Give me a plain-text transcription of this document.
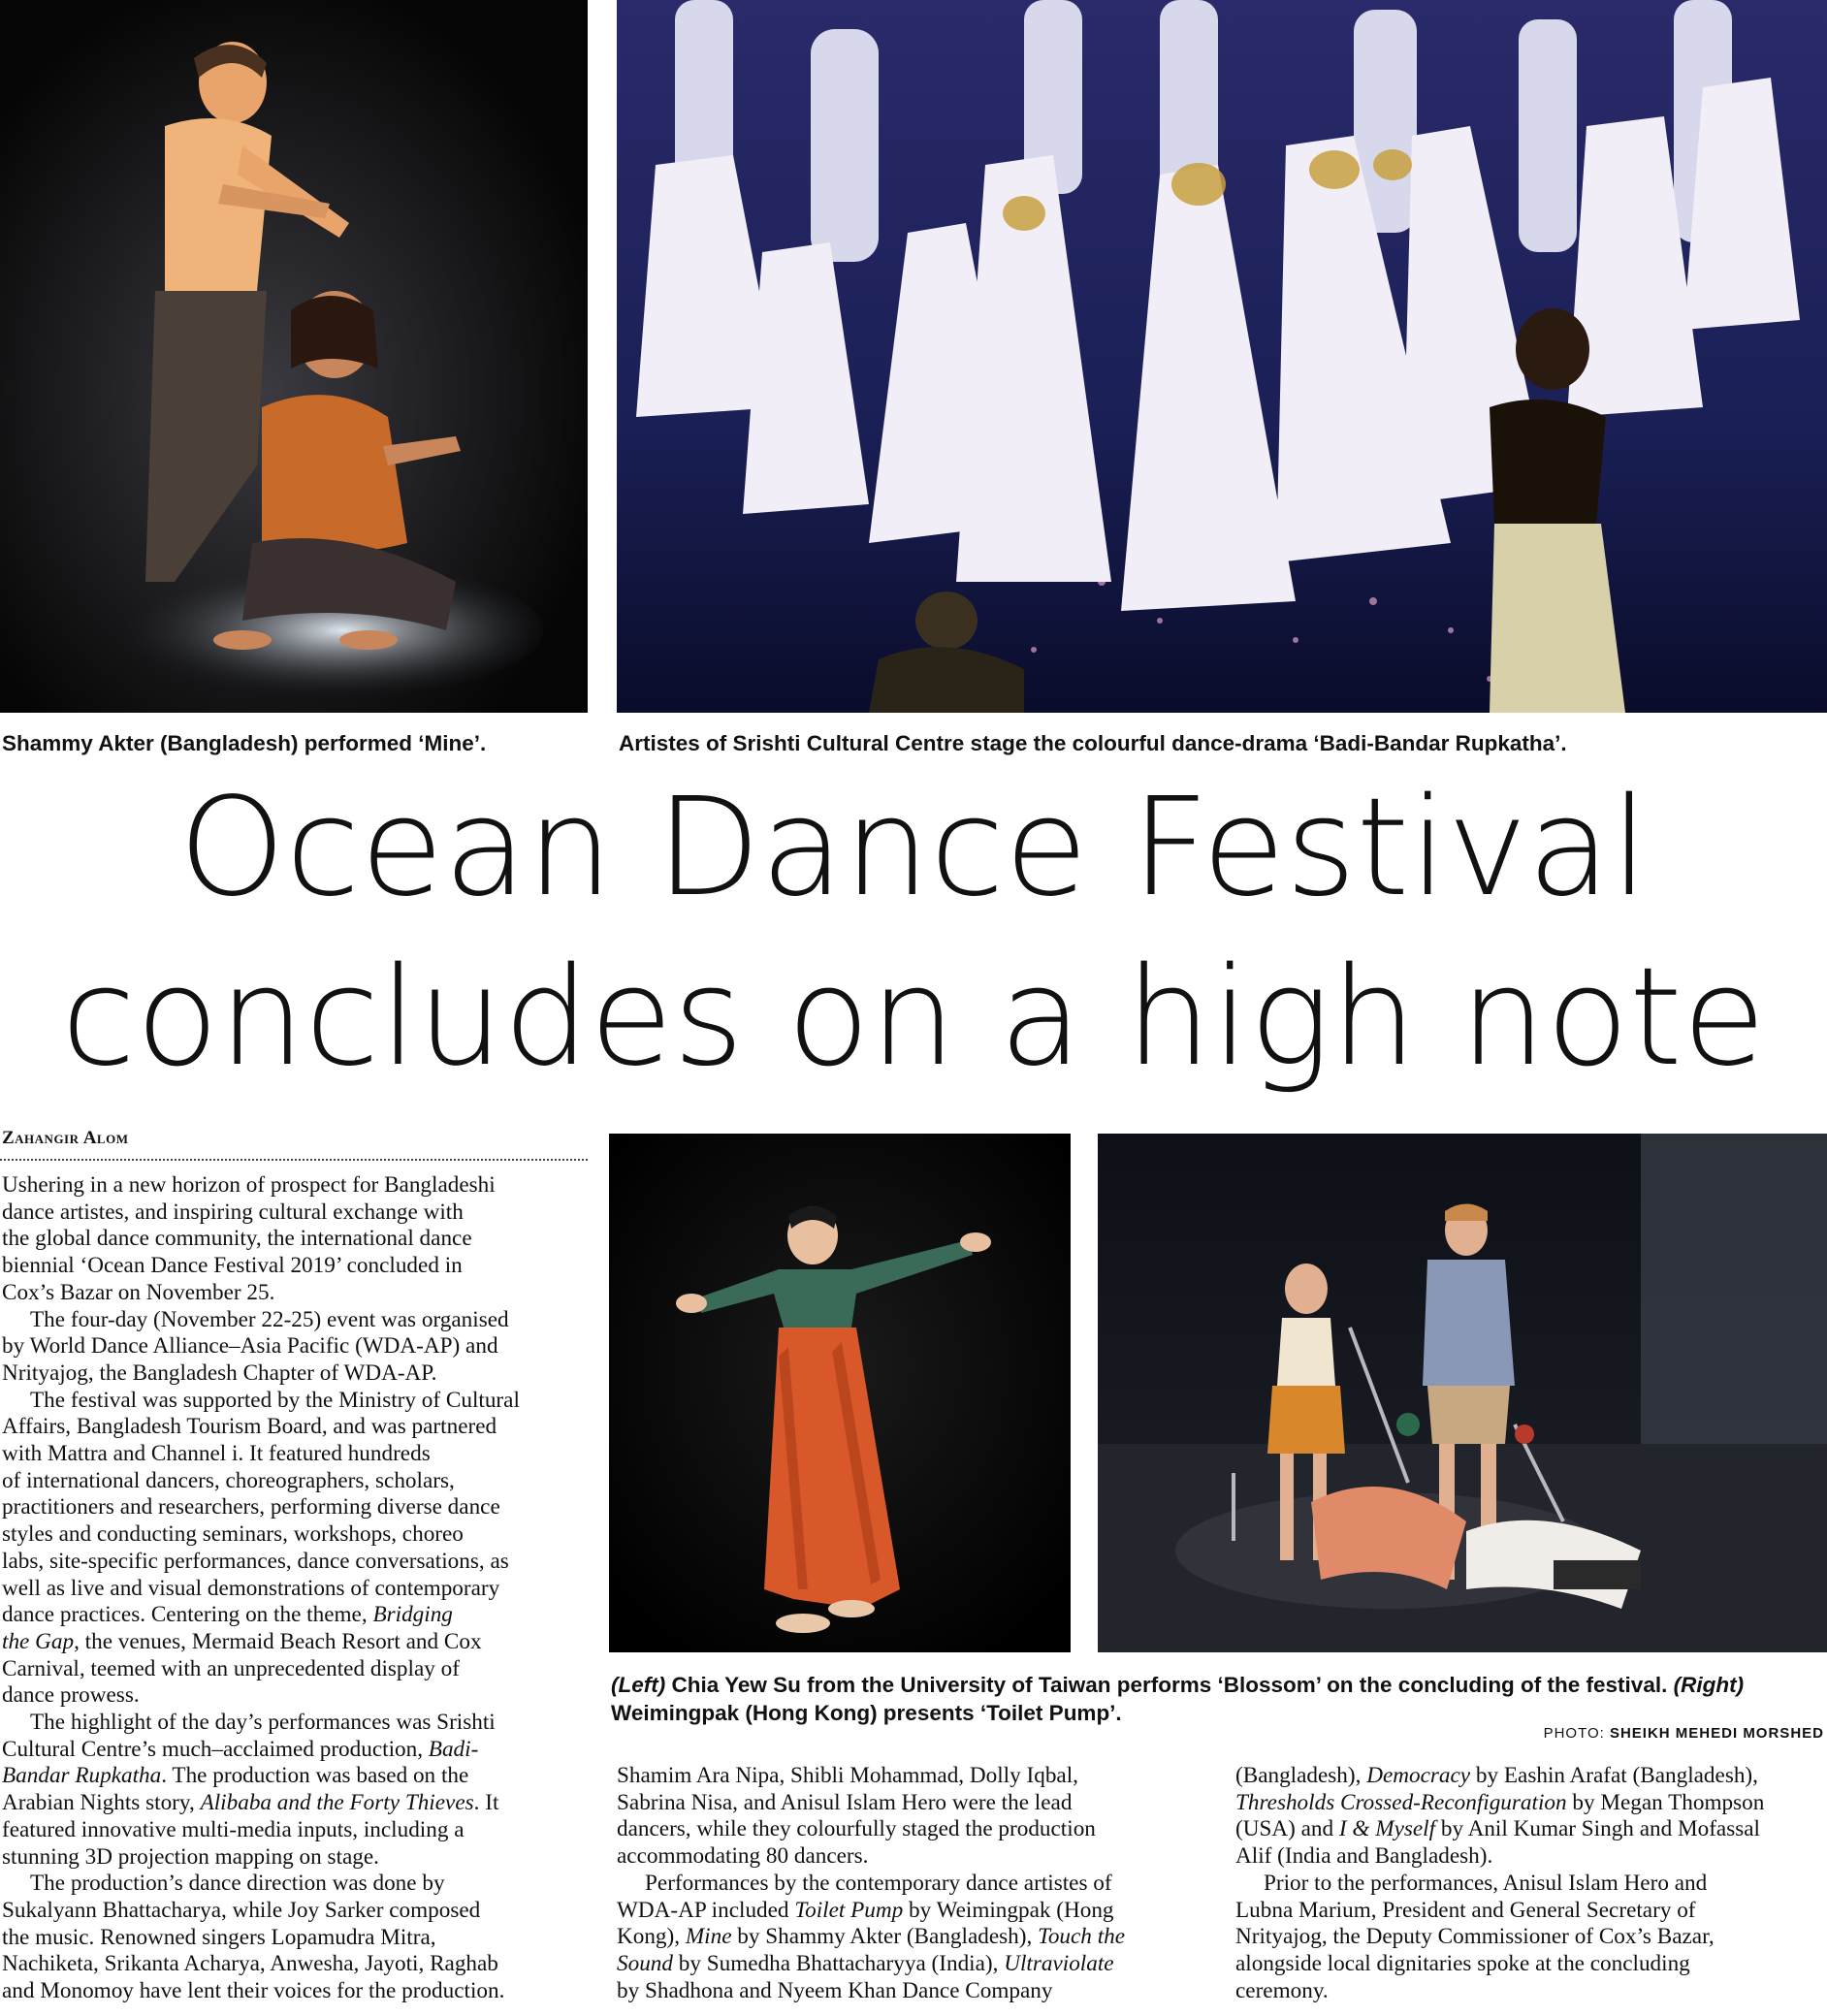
Shammy Akter (Bangladesh) performed ‘Mine’.	Artistes of Srishti Cultural Centre stage the colourful dance-drama ‘Badi-Bandar Rupkatha’.
Ocean Dance Festival
concludes on a high note
Zahangir Alom
Ushering in a new horizon of prospect for Bangladeshi
dance artistes, and inspiring cultural exchange with
the global dance community, the international dance
biennial ‘Ocean Dance Festival 2019’ concluded in
Cox’s Bazar on November 25.
The four-day (November 22-25) event was organised
by World Dance Alliance–Asia Pacific (WDA-AP) and
Nrityajog, the Bangladesh Chapter of WDA-AP.
The festival was supported by the Ministry of Cultural
Affairs, Bangladesh Tourism Board, and was partnered
with Mattra and Channel i. It featured hundreds
of international dancers, choreographers, scholars,
practitioners and researchers, performing diverse dance
styles and conducting seminars, workshops, choreo
labs, site-specific performances, dance conversations, as
well as live and visual demonstrations of contemporary
dance practices. Centering on the theme, Bridging
the Gap, the venues, Mermaid Beach Resort and Cox
Carnival, teemed with an unprecedented display of
dance prowess.
The highlight of the day’s performances was Srishti
Cultural Centre’s much–acclaimed production, Badi-
Bandar Rupkatha. The production was based on the
Arabian Nights story, Alibaba and the Forty Thieves. It
featured innovative multi-media inputs, including a
stunning 3D projection mapping on stage.
The production’s dance direction was done by
Sukalyann Bhattacharya, while Joy Sarker composed
the music. Renowned singers Lopamudra Mitra,
Nachiketa, Srikanta Acharya, Anwesha, Jayoti, Raghab
and Monomoy have lent their voices for the production.
(Left) Chia Yew Su from the University of Taiwan performs ‘Blossom’ on the concluding of the festival. (Right)
Weimingpak (Hong Kong) presents ‘Toilet Pump’.
PHOTO: SHEIKH MEHEDI MORSHED
Shamim Ara Nipa, Shibli Mohammad, Dolly Iqbal,
Sabrina Nisa, and Anisul Islam Hero were the lead
dancers, while they colourfully staged the production
accommodating 80 dancers.
Performances by the contemporary dance artistes of
WDA-AP included Toilet Pump by Weimingpak (Hong
Kong), Mine by Shammy Akter (Bangladesh), Touch the
Sound by Sumedha Bhattacharyya (India), Ultraviolate
by Shadhona and Nyeem Khan Dance Company
(Bangladesh), Democracy by Eashin Arafat (Bangladesh),
Thresholds Crossed-Reconfiguration by Megan Thompson
(USA) and I & Myself by Anil Kumar Singh and Mofassal
Alif (India and Bangladesh).
Prior to the performances, Anisul Islam Hero and
Lubna Marium, President and General Secretary of
Nrityajog, the Deputy Commissioner of Cox’s Bazar,
alongside local dignitaries spoke at the concluding
ceremony.
